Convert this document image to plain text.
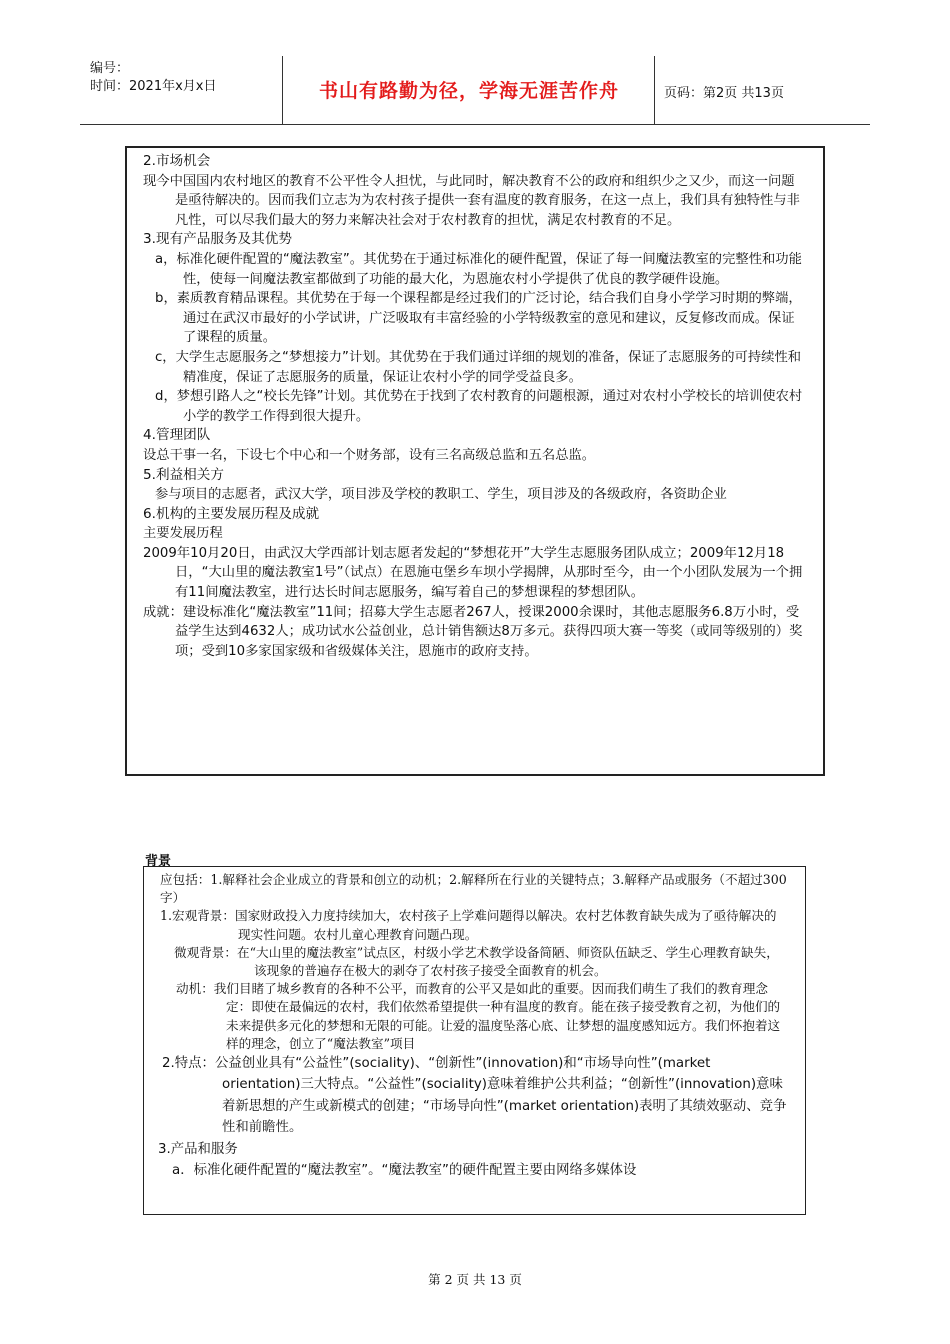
编号：
时间：2021年x月x日	书山有路勤为径，学海无涯苦作舟	页码：第2页 共13页

2.市场机会

现今中国国内农村地区的教育不公平性令人担忧，与此同时，解决教育不公的政府和组织少之又少，而这一问题是亟待解决的。因而我们立志为为农村孩子提供一套有温度的教育服务，在这一点上，我们具有独特性与非凡性，可以尽我们最大的努力来解决社会对于农村教育的担忧，满足农村教育的不足。

3.现有产品服务及其优势

a，标准化硬件配置的“魔法教室”。其优势在于通过标准化的硬件配置，保证了每一间魔法教室的完整性和功能性，使每一间魔法教室都做到了功能的最大化，为恩施农村小学提供了优良的教学硬件设施。

b，素质教育精品课程。其优势在于每一个课程都是经过我们的广泛讨论，结合我们自身小学学习时期的弊端，通过在武汉市最好的小学试讲，广泛吸取有丰富经验的小学特级教室的意见和建议，反复修改而成。保证了课程的质量。

c，大学生志愿服务之“梦想接力”计划。其优势在于我们通过详细的规划的准备，保证了志愿服务的可持续性和精准度，保证了志愿服务的质量，保证让农村小学的同学受益良多。

d，梦想引路人之“校长先锋”计划。其优势在于找到了农村教育的问题根源，通过对农村小学校长的培训使农村小学的教学工作得到很大提升。

4.管理团队

设总干事一名，下设七个中心和一个财务部，设有三名高级总监和五名总监。

5.利益相关方

参与项目的志愿者，武汉大学，项目涉及学校的教职工、学生，项目涉及的各级政府，各资助企业

6.机构的主要发展历程及成就

主要发展历程

2009年10月20日，由武汉大学西部计划志愿者发起的“梦想花开”大学生志愿服务团队成立；2009年12月18日，“大山里的魔法教室1号”（试点）在恩施屯堡乡车坝小学揭牌，从那时至今，由一个小团队发展为一个拥有11间魔法教室，进行达长时间志愿服务，编写着自己的梦想课程的梦想团队。

成就：建设标准化“魔法教室”11间；招募大学生志愿者267人，授课2000余课时，其他志愿服务6.8万小时，受益学生达到4632人；成功试水公益创业，总计销售额达8万多元。获得四项大赛一等奖（或同等级别的）奖项；受到10多家国家级和省级媒体关注，恩施市的政府支持。

背景

应包括：1.解释社会企业成立的背景和创立的动机；2.解释所在行业的关键特点；3.解释产品或服务（不超过300字）

1.宏观背景：国家财政投入力度持续加大，农村孩子上学难问题得以解决。农村艺体教育缺失成为了亟待解决的现实性问题。农村儿童心理教育问题凸现。

微观背景：在“大山里的魔法教室”试点区，村级小学艺术教学设备简陋、师资队伍缺乏、学生心理教育缺失，该现象的普遍存在极大的剥夺了农村孩子接受全面教育的机会。

动机：我们目睹了城乡教育的各种不公平，而教育的公平又是如此的重要。因而我们萌生了我们的教育理念定：即使在最偏远的农村，我们依然希望提供一种有温度的教育。能在孩子接受教育之初，为他们的未来提供多元化的梦想和无限的可能。让爱的温度坠落心底、让梦想的温度感知远方。我们怀抱着这样的理念，创立了“魔法教室”项目

2.特点：公益创业具有“公益性”(sociality)、“创新性”(innovation)和“市场导向性”(market orientation)三大特点。“公益性”(sociality)意味着维护公共利益；“创新性”(innovation)意味着新思想的产生或新模式的创建；“市场导向性”(market orientation)表明了其绩效驱动、竞争性和前瞻性。

3.产品和服务

a．标准化硬件配置的“魔法教室”。“魔法教室”的硬件配置主要由网络多媒体设

第 2 页 共 13 页
